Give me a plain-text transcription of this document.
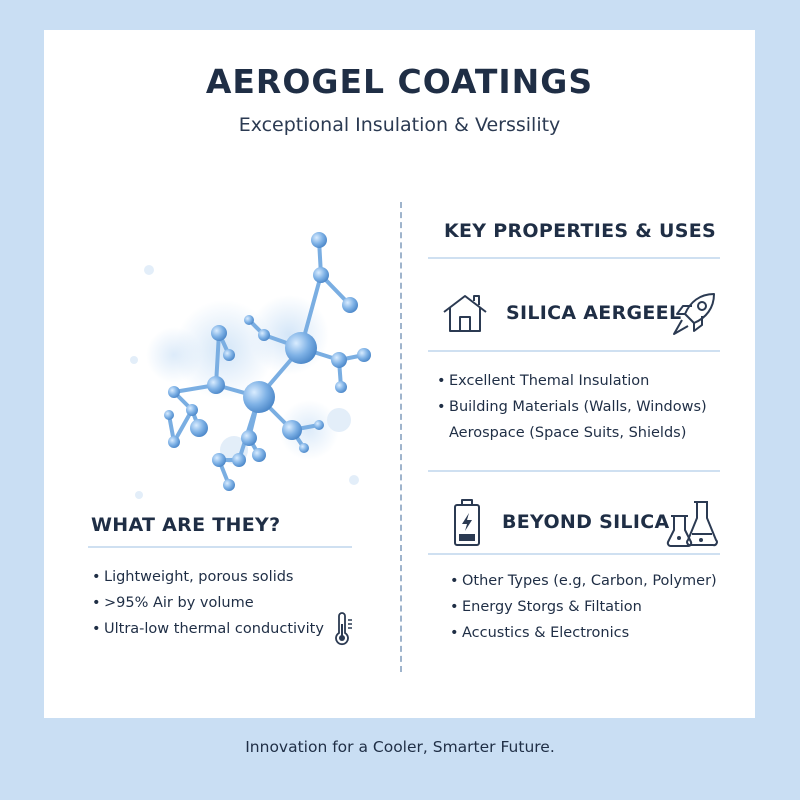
AEROGEL COATINGS
Exceptional Insulation & Verssility
WHAT ARE THEY?
• Lightweight, porous solids
• >95% Air by volume
• Ultra-low thermal conductivity
KEY PROPERTIES & USES
SILICA AERGEEL
• Excellent Themal Insulation
• Building Materials (Walls, Windows)
Aerospace (Space Suits, Shields)
BEYOND SILICA
• Other Types (e.g, Carbon, Polymer)
• Energy Storgs & Filtation
• Accustics & Electronics
Innovation for a Cooler, Smarter Future.
